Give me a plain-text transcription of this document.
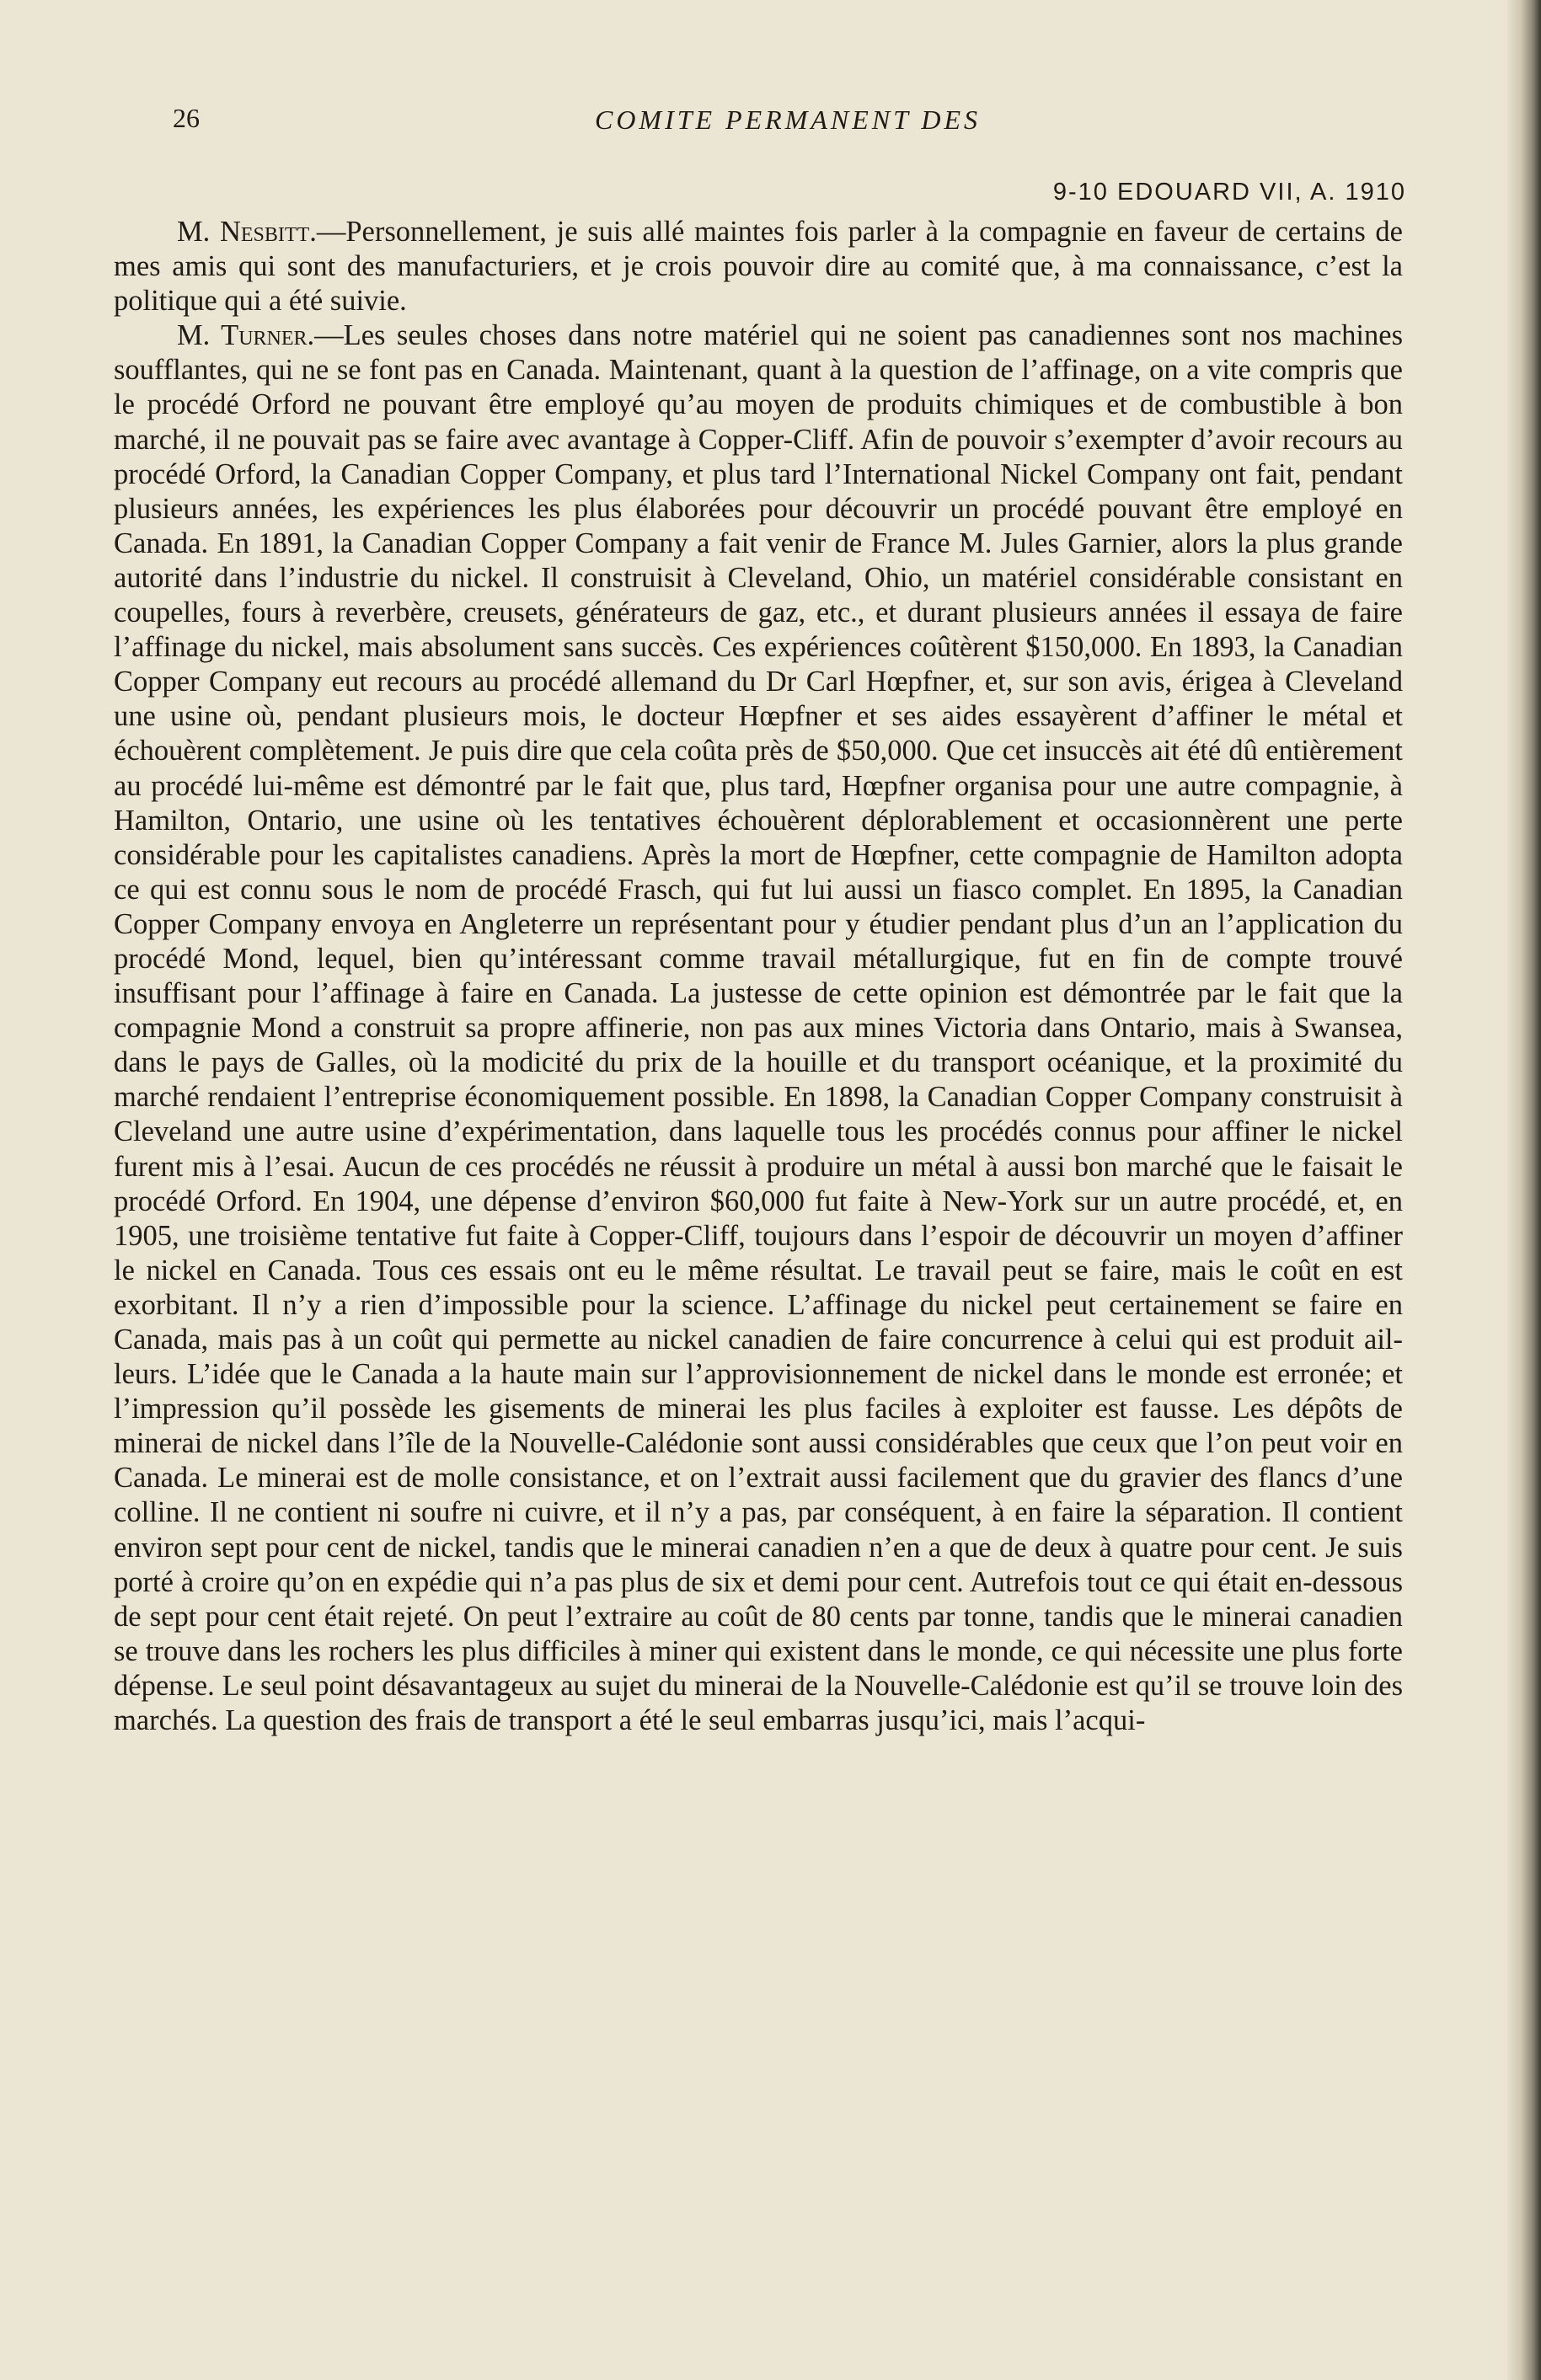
26	COMITE PERMANENT DES
9-10 EDOUARD VII, A. 1910

M. Nesbitt.—Personnellement, je suis allé maintes fois parler à la compagnie en faveur de certains de mes amis qui sont des manufacturiers, et je crois pouvoir dire au comité que, à ma connaissance, c’est la politique qui a été suivie.

M. Turner.—Les seules choses dans notre matériel qui ne soient pas canadiennes sont nos machines soufflantes, qui ne se font pas en Canada. Maintenant, quant à la question de l’affinage, on a vite compris que le procédé Orford ne pouvant être employé qu’au moyen de produits chimiques et de combustible à bon marché, il ne pouvait pas se faire avec avantage à Copper-Cliff. Afin de pouvoir s’exempter d’avoir recours au procédé Orford, la Canadian Copper Company, et plus tard l’International Nickel Company ont fait, pendant plusieurs années, les expériences les plus élaborées pour découvrir un procédé pouvant être employé en Canada. En 1891, la Canadian Copper Company a fait venir de France M. Jules Garnier, alors la plus grande autorité dans l’industrie du nickel. Il construisit à Cleveland, Ohio, un matériel considérable consistant en coupelles, fours à reverbère, creusets, générateurs de gaz, etc., et durant plusieurs années il essaya de faire l’affinage du nickel, mais absolument sans succès. Ces expériences coûtèrent $150,000. En 1893, la Canadian Copper Company eut recours au procédé allemand du Dr Carl Hœpfner, et, sur son avis, érigea à Cleveland une usine où, pendant plusieurs mois, le docteur Hœpfner et ses aides essayèrent d’affiner le métal et échouèrent complètement. Je puis dire que cela coûta près de $50,000. Que cet insuccès ait été dû entièrement au procédé lui-même est démontré par le fait que, plus tard, Hœpfner organisa pour une autre compagnie, à Hamilton, Ontario, une usine où les tentatives échouèrent déplorablement et occasionnèrent une perte considérable pour les capitalistes canadiens. Après la mort de Hœpfner, cette compagnie de Hamilton adopta ce qui est connu sous le nom de procédé Frasch, qui fut lui aussi un fiasco complet. En 1895, la Canadian Copper Company envoya en Angleterre un représentant pour y étudier pendant plus d’un an l’application du procédé Mond, lequel, bien qu’intéressant comme travail métallurgique, fut en fin de compte trouvé insuffisant pour l’affinage à faire en Canada. La justesse de cette opinion est démontrée par le fait que la compagnie Mond a construit sa propre affinerie, non pas aux mines Victoria dans Ontario, mais à Swansea, dans le pays de Galles, où la modicité du prix de la houille et du transport océanique, et la proximité du marché rendaient l’entreprise économiquement possible. En 1898, la Canadian Copper Company construisit à Cleveland une autre usine d’expérimentation, dans laquelle tous les procédés connus pour affiner le nickel furent mis à l’esai. Aucun de ces procédés ne réussit à produire un métal à aussi bon marché que le faisait le procédé Orford. En 1904, une dépense d’environ $60,000 fut faite à New-York sur un autre procédé, et, en 1905, une troisième tentative fut faite à Copper-Cliff, toujours dans l’espoir de découvrir un moyen d’affiner le nickel en Canada. Tous ces essais ont eu le même résultat. Le travail peut se faire, mais le coût en est exorbitant. Il n’y a rien d’impossible pour la science. L’affinage du nickel peut certainement se faire en Canada, mais pas à un coût qui permette au nickel canadien de faire concurrence à celui qui est produit ailleurs. L’idée que le Canada a la haute main sur l’approvisionnement de nickel dans le monde est erronée; et l’impression qu’il possède les gisements de minerai les plus faciles à exploiter est fausse. Les dépôts de minerai de nickel dans l’île de la Nouvelle-Calédonie sont aussi considérables que ceux que l’on peut voir en Canada. Le minerai est de molle consistance, et on l’extrait aussi facilement que du gravier des flancs d’une colline. Il ne contient ni soufre ni cuivre, et il n’y a pas, par conséquent, à en faire la séparation. Il contient environ sept pour cent de nickel, tandis que le minerai canadien n’en a que de deux à quatre pour cent. Je suis porté à croire qu’on en expédie qui n’a pas plus de six et demi pour cent. Autrefois tout ce qui était en-dessous de sept pour cent était rejeté. On peut l’extraire au coût de 80 cents par tonne, tandis que le minerai canadien se trouve dans les rochers les plus difficiles à miner qui existent dans le monde, ce qui nécessite une plus forte dépense. Le seul point désavantageux au sujet du minerai de la Nouvelle-Calédonie est qu’il se trouve loin des marchés. La question des frais de transport a été le seul embarras jusqu’ici, mais l’acqui-
